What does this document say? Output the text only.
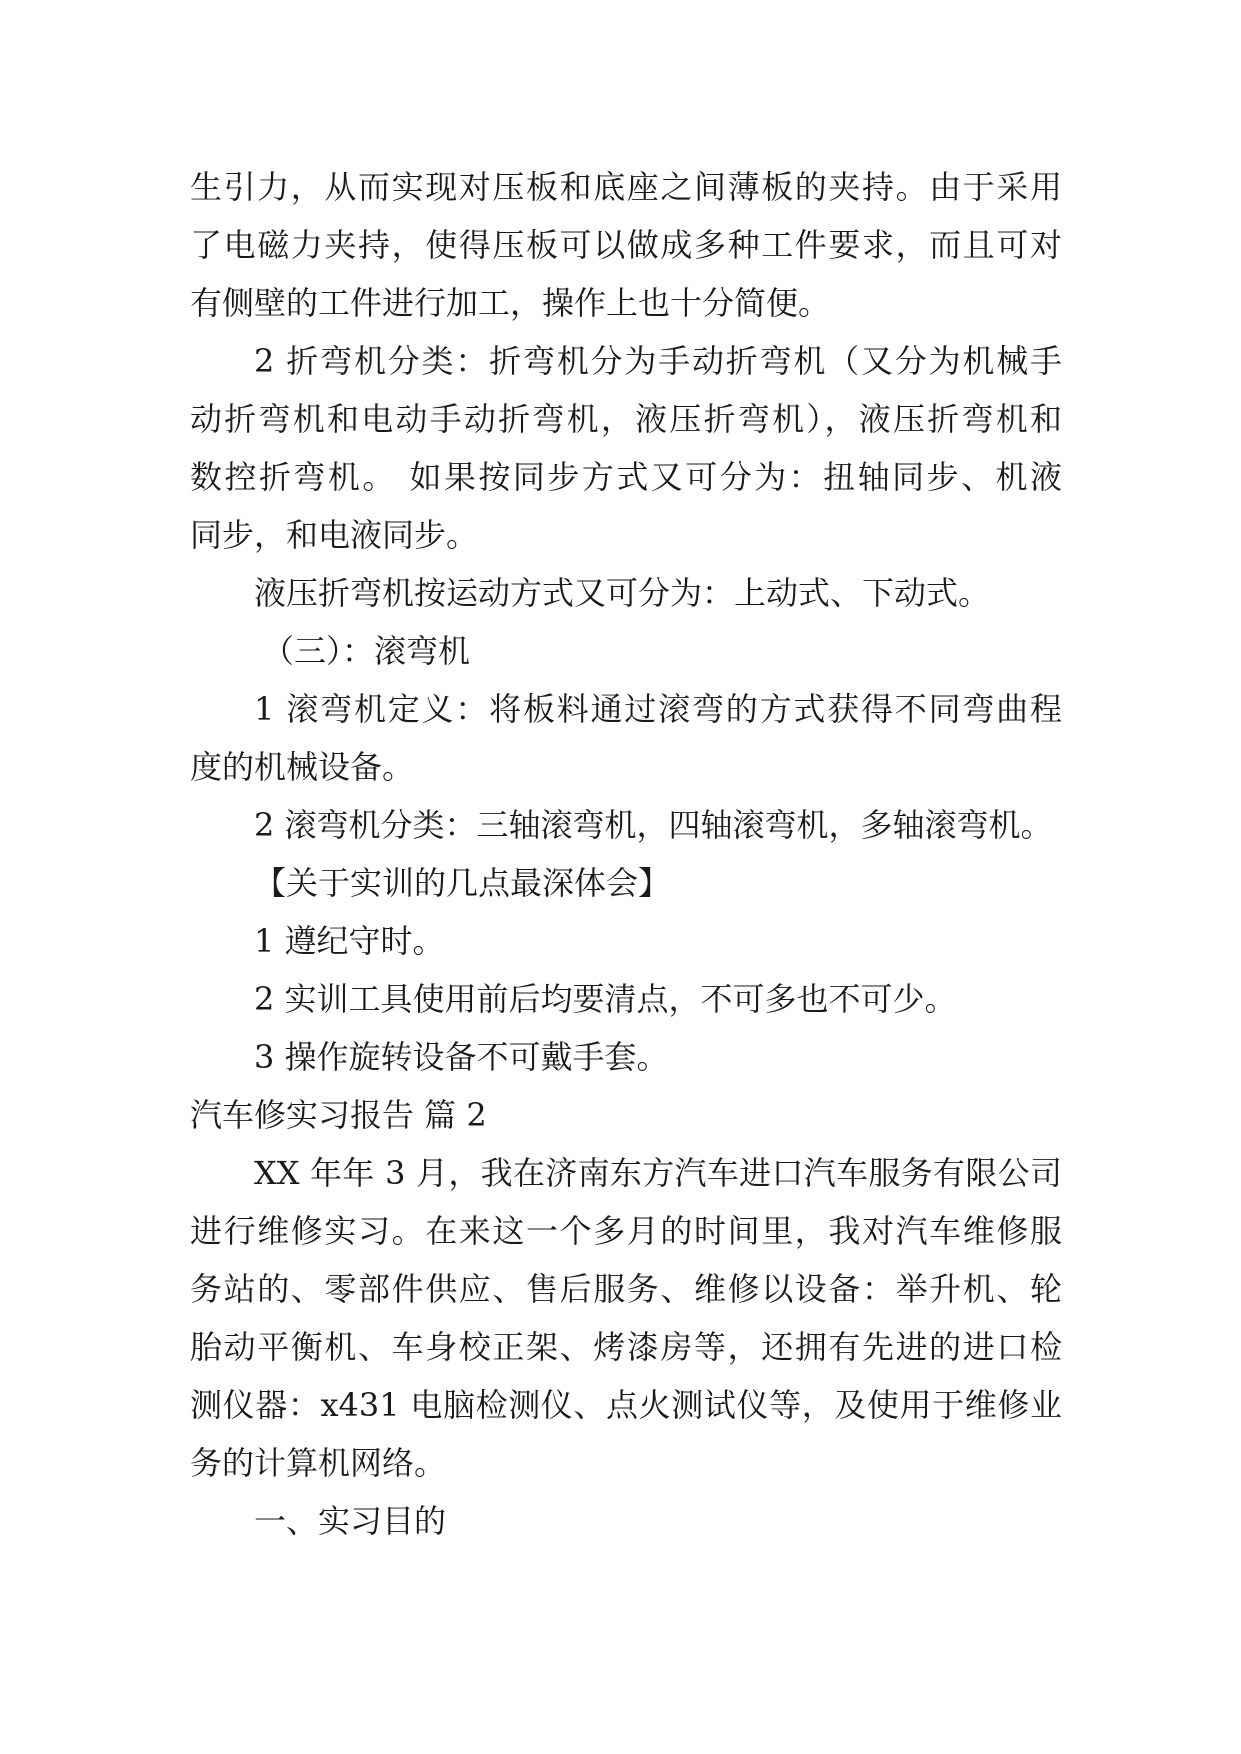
生引力，从而实现对压板和底座之间薄板的夹持。由于采用
了电磁力夹持，使得压板可以做成多种工件要求，而且可对
有侧壁的工件进行加工，操作上也十分简便。
2 折弯机分类：折弯机分为手动折弯机（又分为机械手
动折弯机和电动手动折弯机，液压折弯机），液压折弯机和
数控折弯机。 如果按同步方式又可分为：扭轴同步、机液
同步，和电液同步。
液压折弯机按运动方式又可分为：上动式、下动式。
（三）：滚弯机
1 滚弯机定义：将板料通过滚弯的方式获得不同弯曲程
度的机械设备。
2 滚弯机分类：三轴滚弯机，四轴滚弯机，多轴滚弯机。
【关于实训的几点最深体会】
1 遵纪守时。
2 实训工具使用前后均要清点，不可多也不可少。
3 操作旋转设备不可戴手套。
汽车修实习报告 篇 2
XX 年年 3 月，我在济南东方汽车进口汽车服务有限公司
进行维修实习。在来这一个多月的时间里，我对汽车维修服
务站的、零部件供应、售后服务、维修以设备：举升机、轮
胎动平衡机、车身校正架、烤漆房等，还拥有先进的进口检
测仪器：x431 电脑检测仪、点火测试仪等，及使用于维修业
务的计算机网络。
一、实习目的
